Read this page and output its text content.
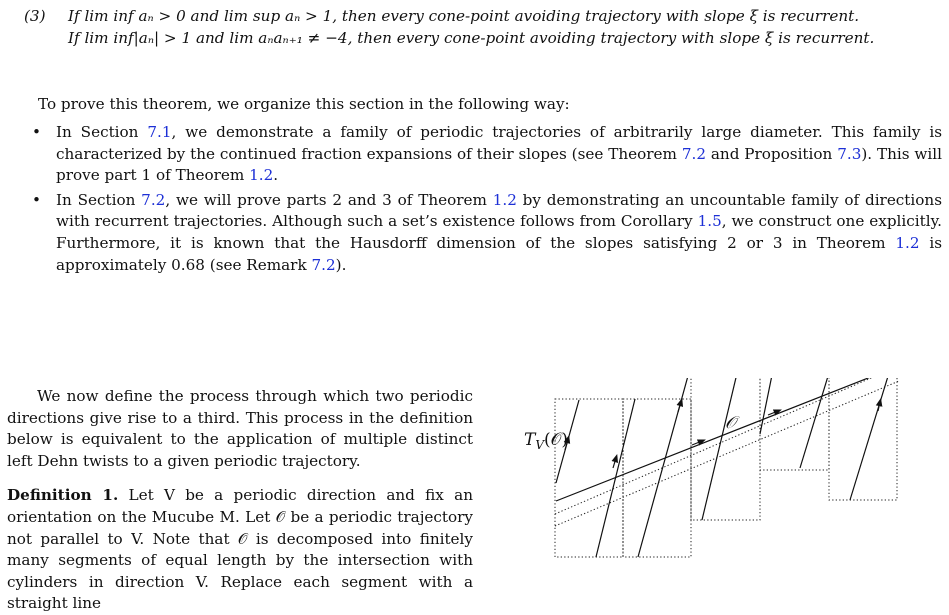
(3)	If lim inf aₙ > 0 and lim sup aₙ > 1, then every cone-point avoiding trajectory with slope ξ is recurrent.

If lim inf|aₙ| > 1 and lim aₙaₙ₊₁ ≠ −4, then every cone-point avoiding trajectory with slope ξ is recurrent.

To prove this theorem, we organize this section in the following way:
• In Section 7.1, we demonstrate a family of periodic trajectories of arbitrarily large diameter. This family is characterized by the continued fraction expansions of their slopes (see Theorem 7.2 and Proposition 7.3). This will prove part 1 of Theorem 1.2.
• In Section 7.2, we will prove parts 2 and 3 of Theorem 1.2 by demonstrating an uncountable family of directions with recurrent trajectories. Although such a set’s existence follows from Corollary 1.5, we construct one explicitly. Furthermore, it is known that the Hausdorff dimension of the slopes satisfying 2 or 3 in Theorem 1.2 is approximately 0.68 (see Remark 7.2).

We now define the process through which two periodic directions give rise to a third. This process in the definition below is equivalent to the application of multiple distinct left Dehn twists to a given periodic trajectory.

Definition 1. Let V be a periodic direction and fix an orientation on the Mucube M. Let 𝒪 be a periodic trajectory not parallel to V. Note that 𝒪 is decomposed into finitely many segments of equal length by the intersection with cylinders in direction V. Replace each segment with a straight line

$T_V(𝒪)$
𝒪
